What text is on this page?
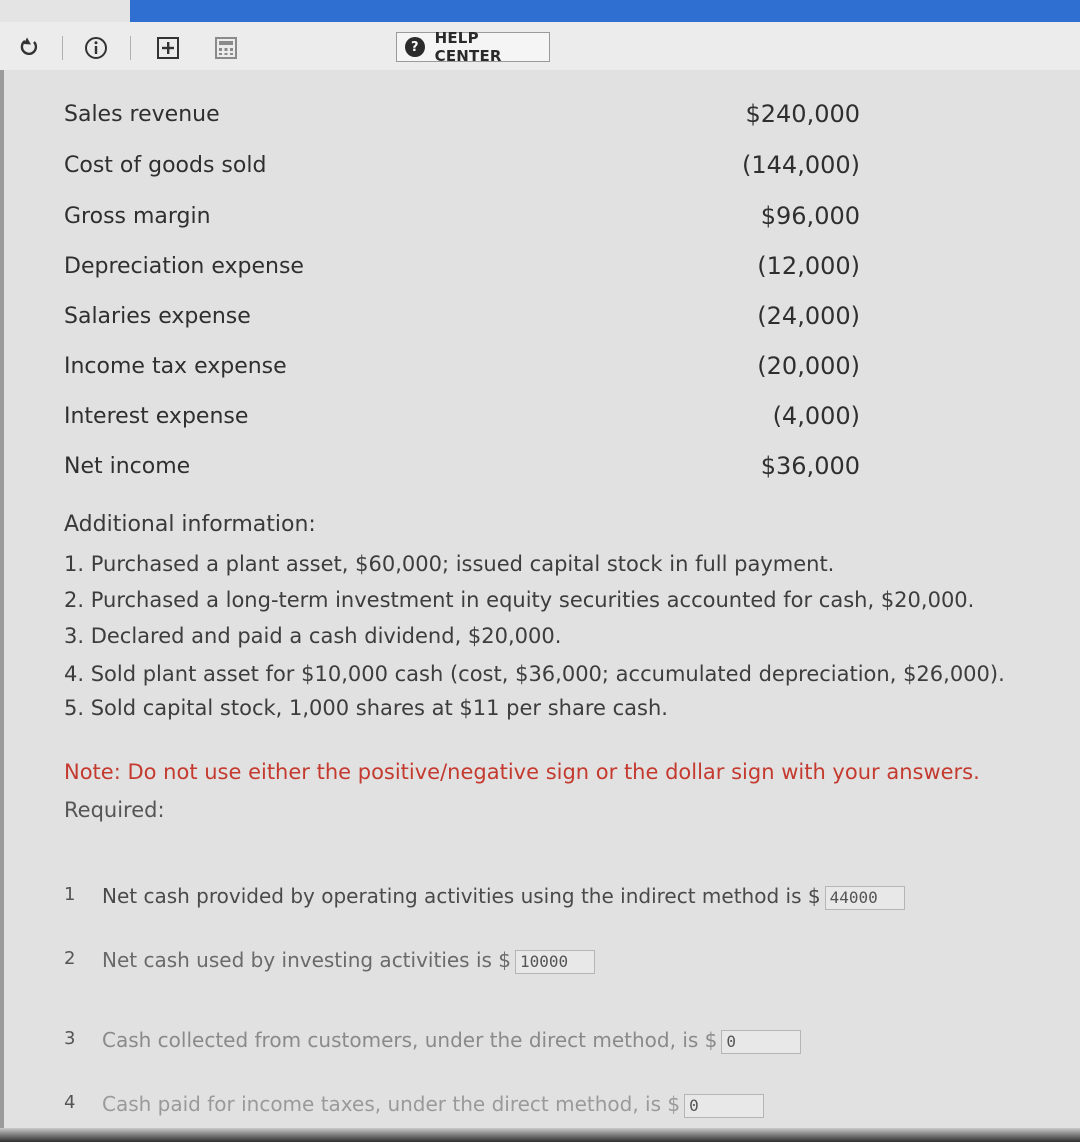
?	HELP CENTER
Sales revenue	$240,000
Cost of goods sold	(144,000)
Gross margin	$96,000
Depreciation expense	(12,000)
Salaries expense	(24,000)
Income tax expense	(20,000)
Interest expense	(4,000)
Net income	$36,000
Additional information:
1. Purchased a plant asset, $60,000; issued capital stock in full payment.
2. Purchased a long-term investment in equity securities accounted for cash, $20,000.
3. Declared and paid a cash dividend, $20,000.
4. Sold plant asset for $10,000 cash (cost, $36,000; accumulated depreciation, $26,000).
5. Sold capital stock, 1,000 shares at $11 per share cash.
Note: Do not use either the positive/negative sign or the dollar sign with your answers.
Required:
1 Net cash provided by operating activities using the indirect method is $ 44000
2 Net cash used by investing activities is $ 10000
3 Cash collected from customers, under the direct method, is $ 0
4 Cash paid for income taxes, under the direct method, is $ 0
